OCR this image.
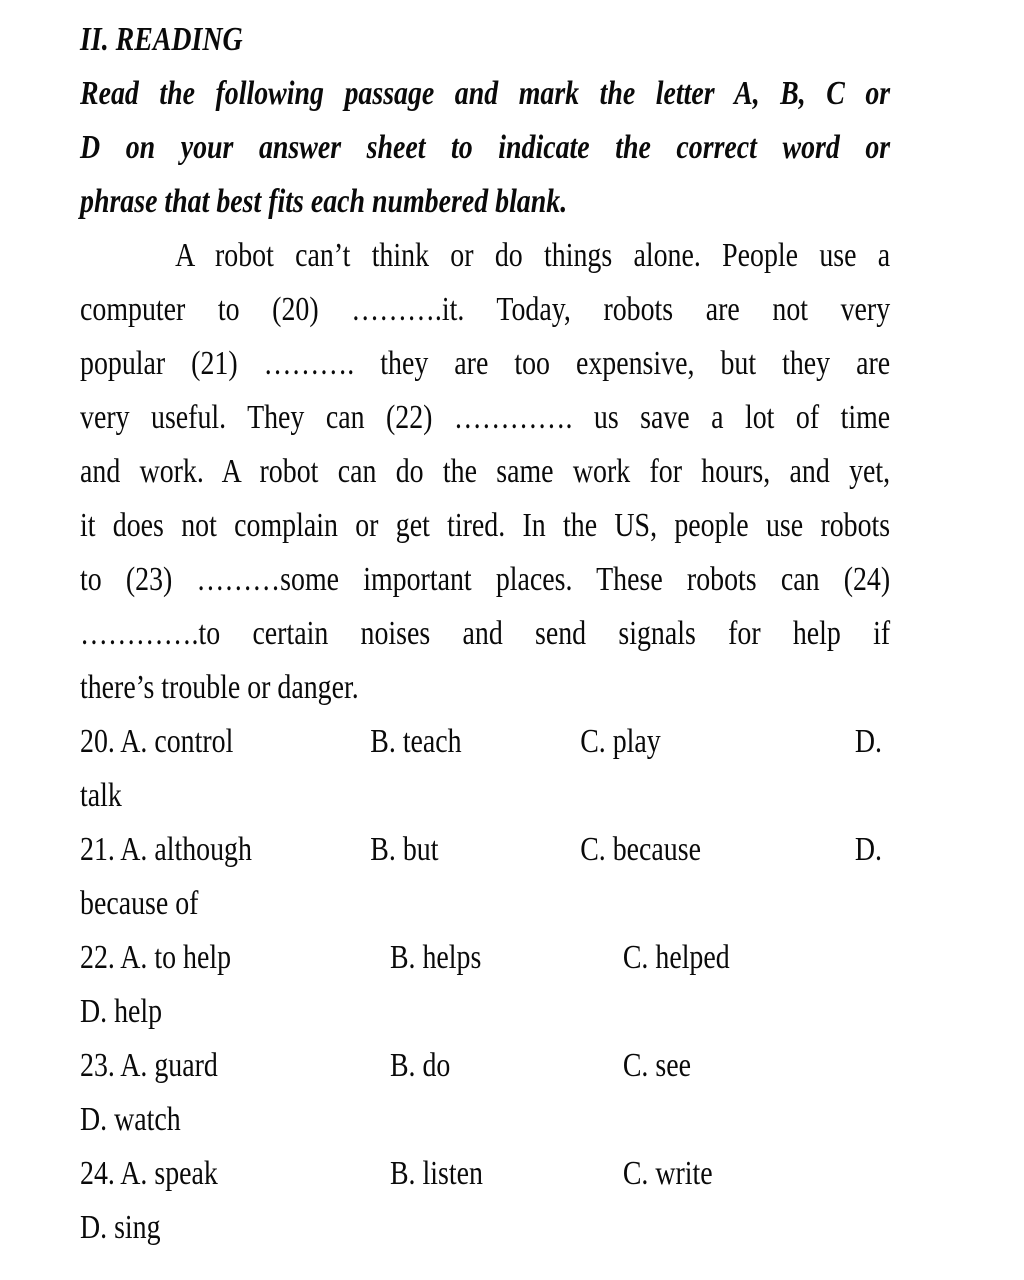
II. READING
Read the following passage and mark the letter A, B, C or
D on your answer sheet to indicate the correct word or
phrase that best fits each numbered blank.
A robot can’t think or do things alone. People use a
computer to (20) ……….it. Today, robots are not very
popular (21) ………. they are too expensive, but they are
very useful. They can (22) …………. us save a lot of time
and work. A robot can do the same work for hours, and yet,
it does not complain or get tired. In the US, people use robots
to (23) ………some important places. These robots can (24)
………….to certain noises and send signals for help if
there’s trouble or danger.
20. A. control	B. teach	C. play	D.
talk
21. A. although	B. but	C. because	D.
because of
22. A. to help	B. helps	C. helped
D. help
23. A. guard	B. do	C. see
D. watch
24. A. speak	B. listen	C. write
D. sing
